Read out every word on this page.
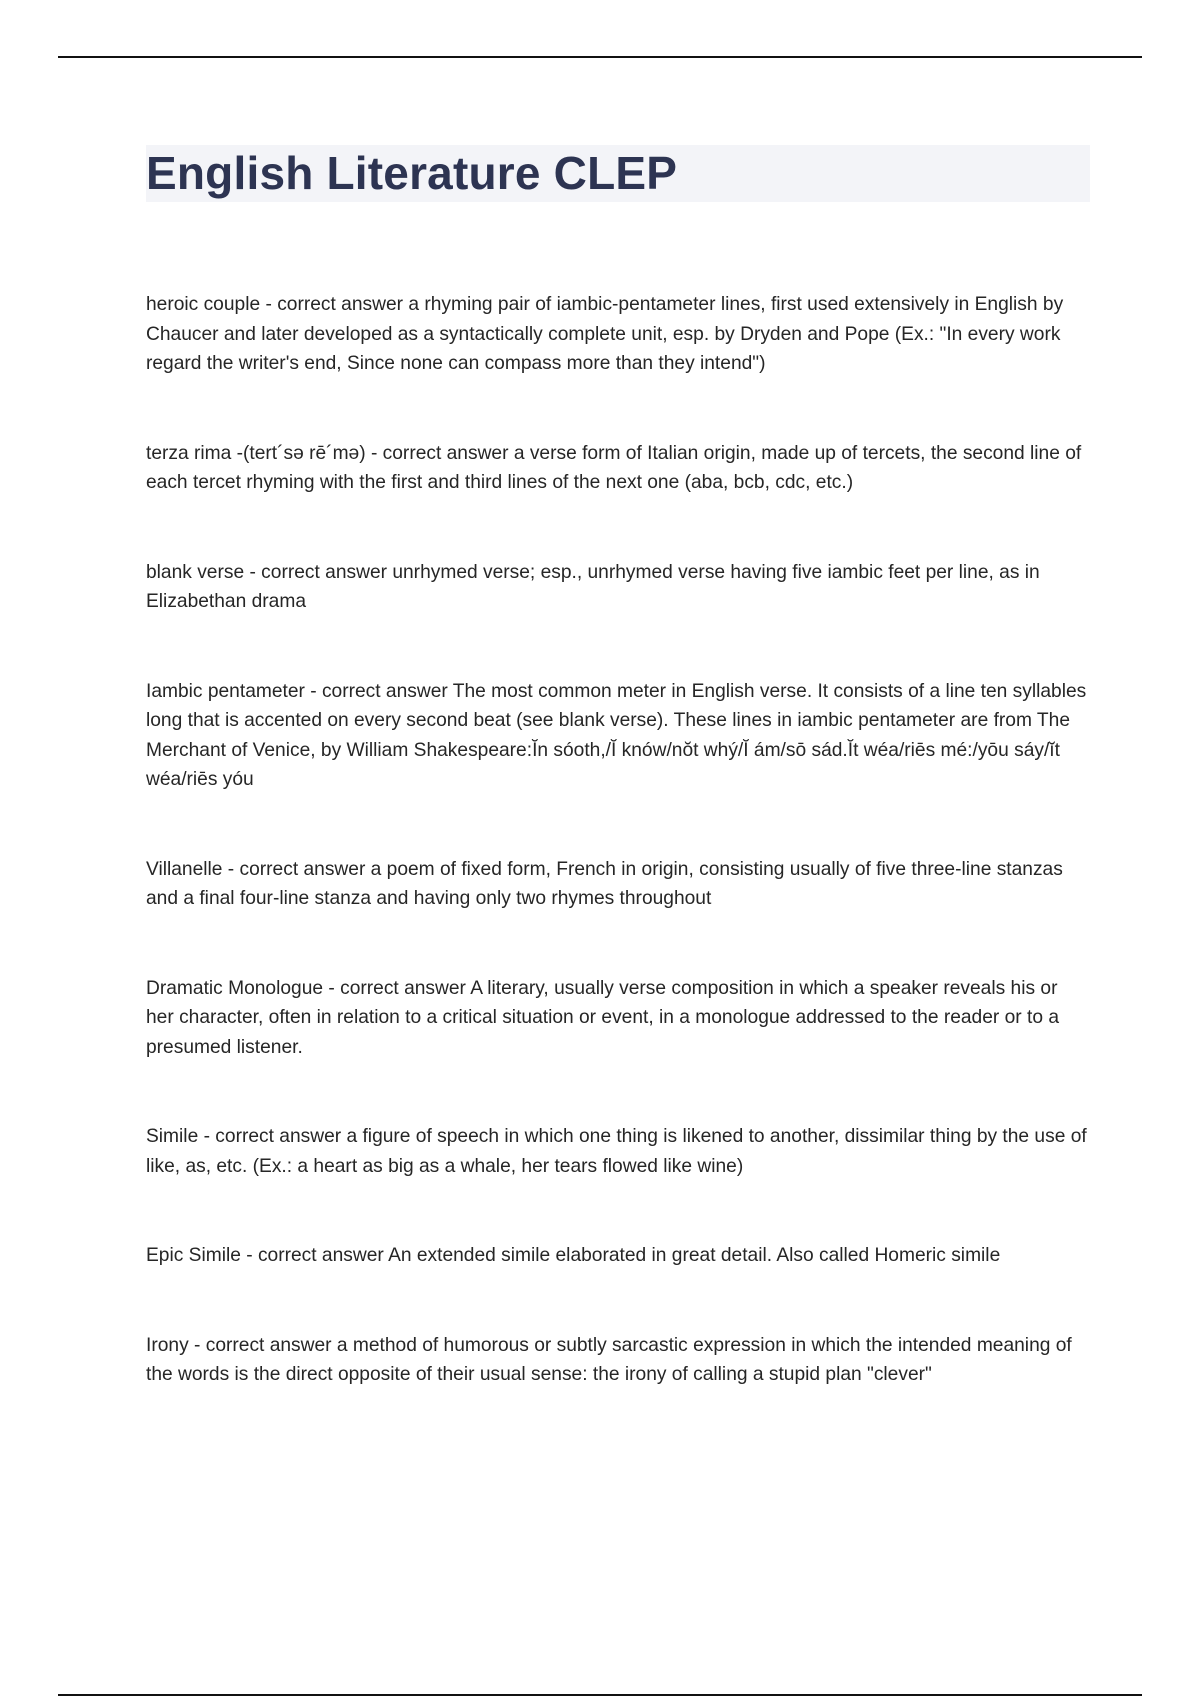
English Literature CLEP

heroic couple - correct answer a rhyming pair of iambic-pentameter lines, first used extensively in English by Chaucer and later developed as a syntactically complete unit, esp. by Dryden and Pope (Ex.: "In every work regard the writer's end, Since none can compass more than they intend")

terza rima -(tert´sə rē´mə) - correct answer a verse form of Italian origin, made up of tercets, the second line of each tercet rhyming with the first and third lines of the next one (aba, bcb, cdc, etc.)

blank verse - correct answer unrhymed verse; esp., unrhymed verse having five iambic feet per line, as in Elizabethan drama

Iambic pentameter - correct answer The most common meter in English verse. It consists of a line ten syllables long that is accented on every second beat (see blank verse). These lines in iambic pentameter are from The Merchant of Venice, by William Shakespeare:Ĭn sóoth,/Ĭ knów/nŏt whý/Ĭ ám/sō sád.Ĭt wéa/riēs mé:/yōu sáy/ĭt wéa/riēs yóu

Villanelle - correct answer a poem of fixed form, French in origin, consisting usually of five three-line stanzas and a final four-line stanza and having only two rhymes throughout

Dramatic Monologue - correct answer A literary, usually verse composition in which a speaker reveals his or her character, often in relation to a critical situation or event, in a monologue addressed to the reader or to a presumed listener.

Simile - correct answer a figure of speech in which one thing is likened to another, dissimilar thing by the use of like, as, etc. (Ex.: a heart as big as a whale, her tears flowed like wine)

Epic Simile - correct answer An extended simile elaborated in great detail. Also called Homeric simile

Irony - correct answer a method of humorous or subtly sarcastic expression in which the intended meaning of the words is the direct opposite of their usual sense: the irony of calling a stupid plan "clever"
